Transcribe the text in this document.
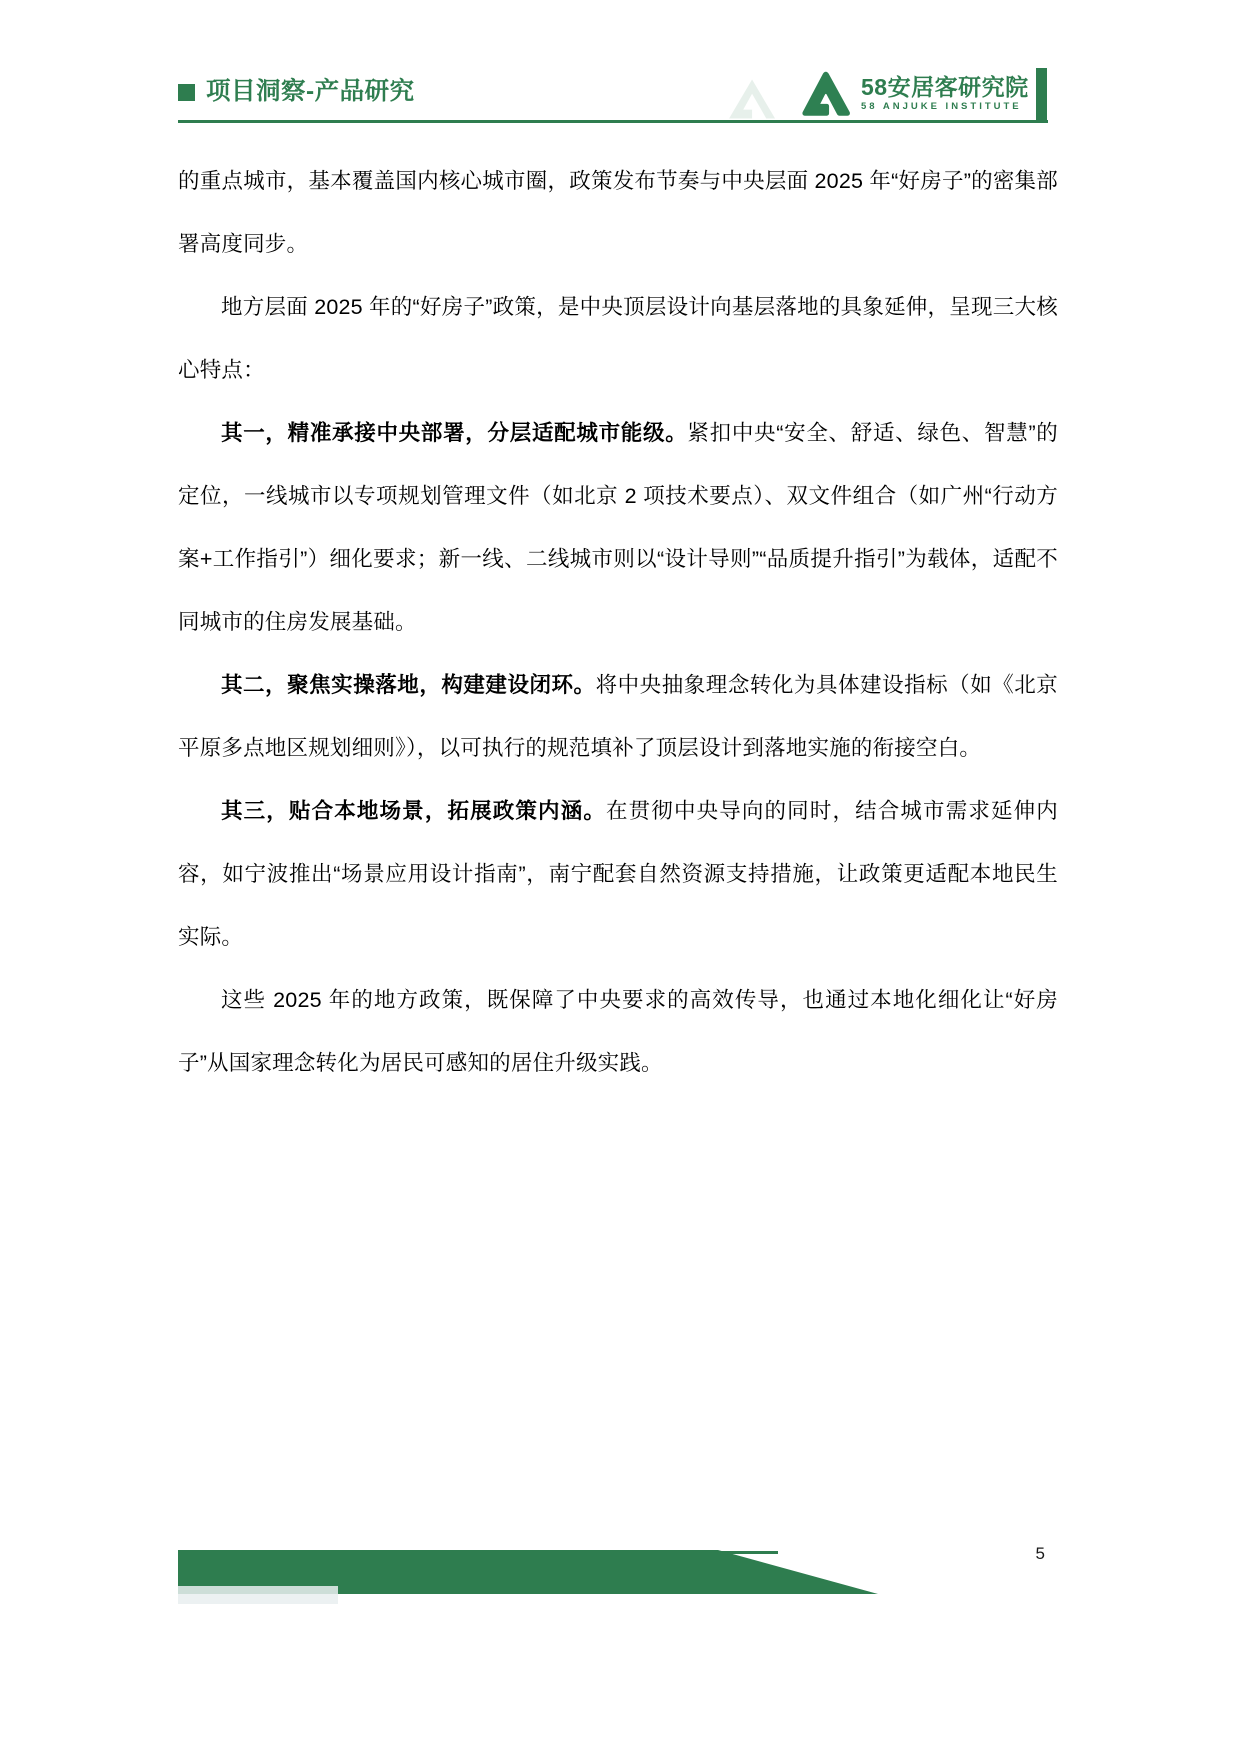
项目洞察-产品研究	58安居客研究院
58 ANJUKE INSTITUTE

的重点城市，基本覆盖国内核心城市圈，政策发布节奏与中央层面 2025 年“好房子”的密集部署高度同步。

地方层面 2025 年的“好房子”政策，是中央顶层设计向基层落地的具象延伸，呈现三大核心特点：

其一，精准承接中央部署，分层适配城市能级。紧扣中央“安全、舒适、绿色、智慧”的定位，一线城市以专项规划管理文件（如北京 2 项技术要点）、双文件组合（如广州“行动方案+工作指引”）细化要求；新一线、二线城市则以“设计导则”“品质提升指引”为载体，适配不同城市的住房发展基础。

其二，聚焦实操落地，构建建设闭环。将中央抽象理念转化为具体建设指标（如《北京平原多点地区规划细则》），以可执行的规范填补了顶层设计到落地实施的衔接空白。

其三，贴合本地场景，拓展政策内涵。在贯彻中央导向的同时，结合城市需求延伸内容，如宁波推出“场景应用设计指南”，南宁配套自然资源支持措施，让政策更适配本地民生实际。

这些 2025 年的地方政策，既保障了中央要求的高效传导，也通过本地化细化让“好房子”从国家理念转化为居民可感知的居住升级实践。

5
